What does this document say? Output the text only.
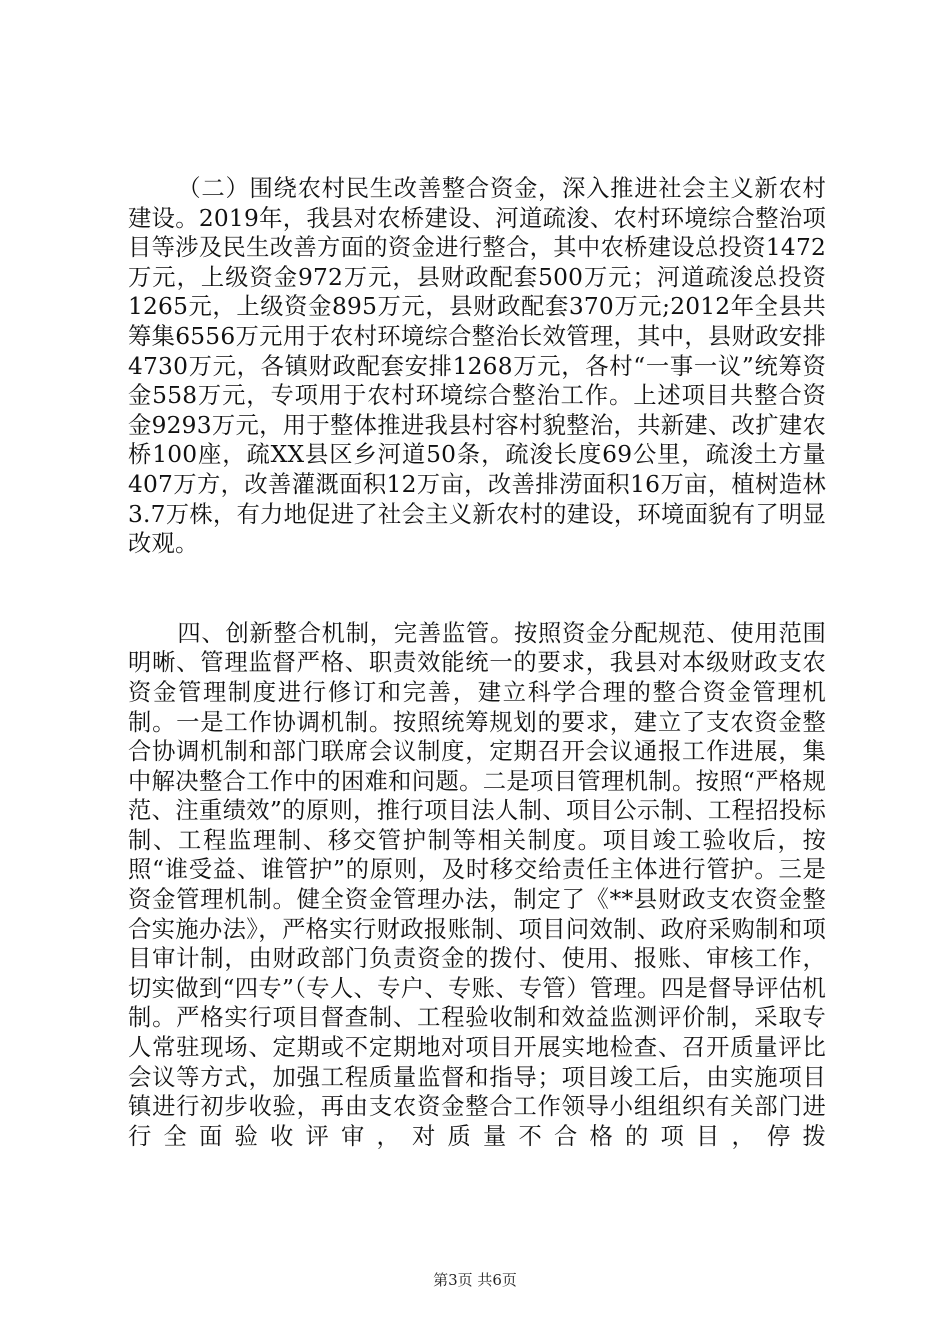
（二）围绕农村民生改善整合资金，深入推进社会主义新农村建设。2019年，我县对农桥建设、河道疏浚、农村环境综合整治项目等涉及民生改善方面的资金进行整合，其中农桥建设总投资1472万元，上级资金972万元，县财政配套500万元；河道疏浚总投资1265元，上级资金895万元，县财政配套370万元;2012年全县共筹集6556万元用于农村环境综合整治长效管理，其中，县财政安排4730万元，各镇财政配套安排1268万元，各村“一事一议”统筹资金558万元，专项用于农村环境综合整治工作。上述项目共整合资金9293万元，用于整体推进我县村容村貌整治，共新建、改扩建农桥100座，疏XX县区乡河道50条，疏浚长度69公里，疏浚土方量407万方，改善灌溉面积12万亩，改善排涝面积16万亩，植树造林3.7万株，有力地促进了社会主义新农村的建设，环境面貌有了明显改观。

四、创新整合机制，完善监管。按照资金分配规范、使用范围明晰、管理监督严格、职责效能统一的要求，我县对本级财政支农资金管理制度进行修订和完善，建立科学合理的整合资金管理机制。一是工作协调机制。按照统筹规划的要求，建立了支农资金整合协调机制和部门联席会议制度，定期召开会议通报工作进展，集中解决整合工作中的困难和问题。二是项目管理机制。按照“严格规范、注重绩效”的原则，推行项目法人制、项目公示制、工程招投标制、工程监理制、移交管护制等相关制度。项目竣工验收后，按照“谁受益、谁管护”的原则，及时移交给责任主体进行管护。三是资金管理机制。健全资金管理办法，制定了《**县财政支农资金整合实施办法》，严格实行财政报账制、项目问效制、政府采购制和项目审计制，由财政部门负责资金的拨付、使用、报账、审核工作，切实做到“四专”（专人、专户、专账、专管）管理。四是督导评估机制。严格实行项目督查制、工程验收制和效益监测评价制，采取专人常驻现场、定期或不定期地对项目开展实地检查、召开质量评比会议等方式，加强工程质量监督和指导；项目竣工后，由实施项目镇进行初步收验，再由支农资金整合工作领导小组组织有关部门进行全面验收评审，对质量不合格的项目，停拨

第3页 共6页
